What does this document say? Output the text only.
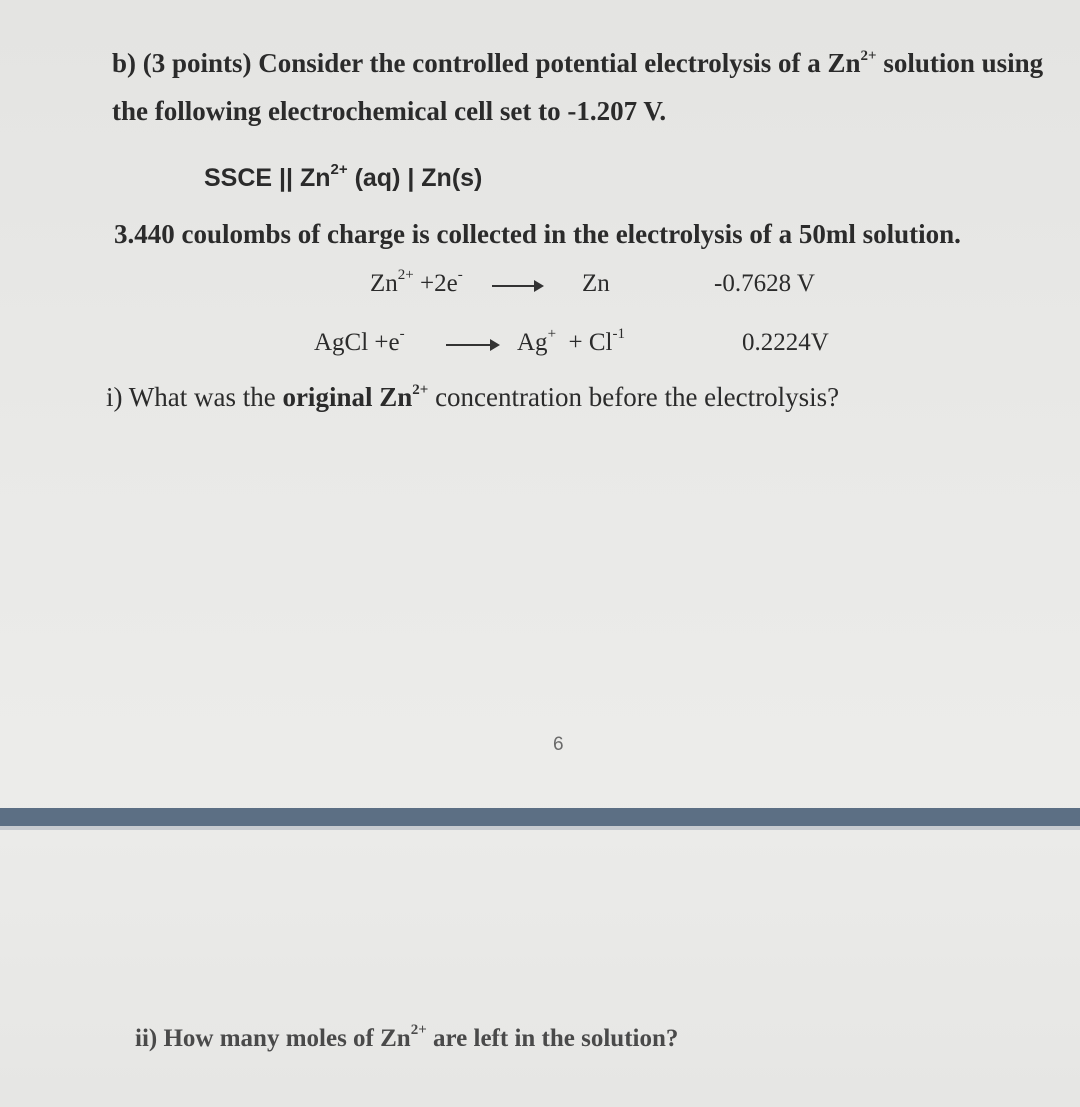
b) (3 points) Consider the controlled potential electrolysis of a $Zn^{2+}$ solution using
the following electrochemical cell set to -1.207 V.
SSCE || $Zn^{2+}$ (aq) | Zn(s)
3.440 coulombs of charge is collected in the electrolysis of a 50ml solution.
$Zn^{2+} +2e^-$	Zn	-0.7628 V
AgCl +e-	$Ag^+ + Cl^{-1}$	0.2224V
i) What was the original $Zn^{2+}$ concentration before the electrolysis?
6
ii) How many moles of $Zn^{2+}$ are left in the solution?
